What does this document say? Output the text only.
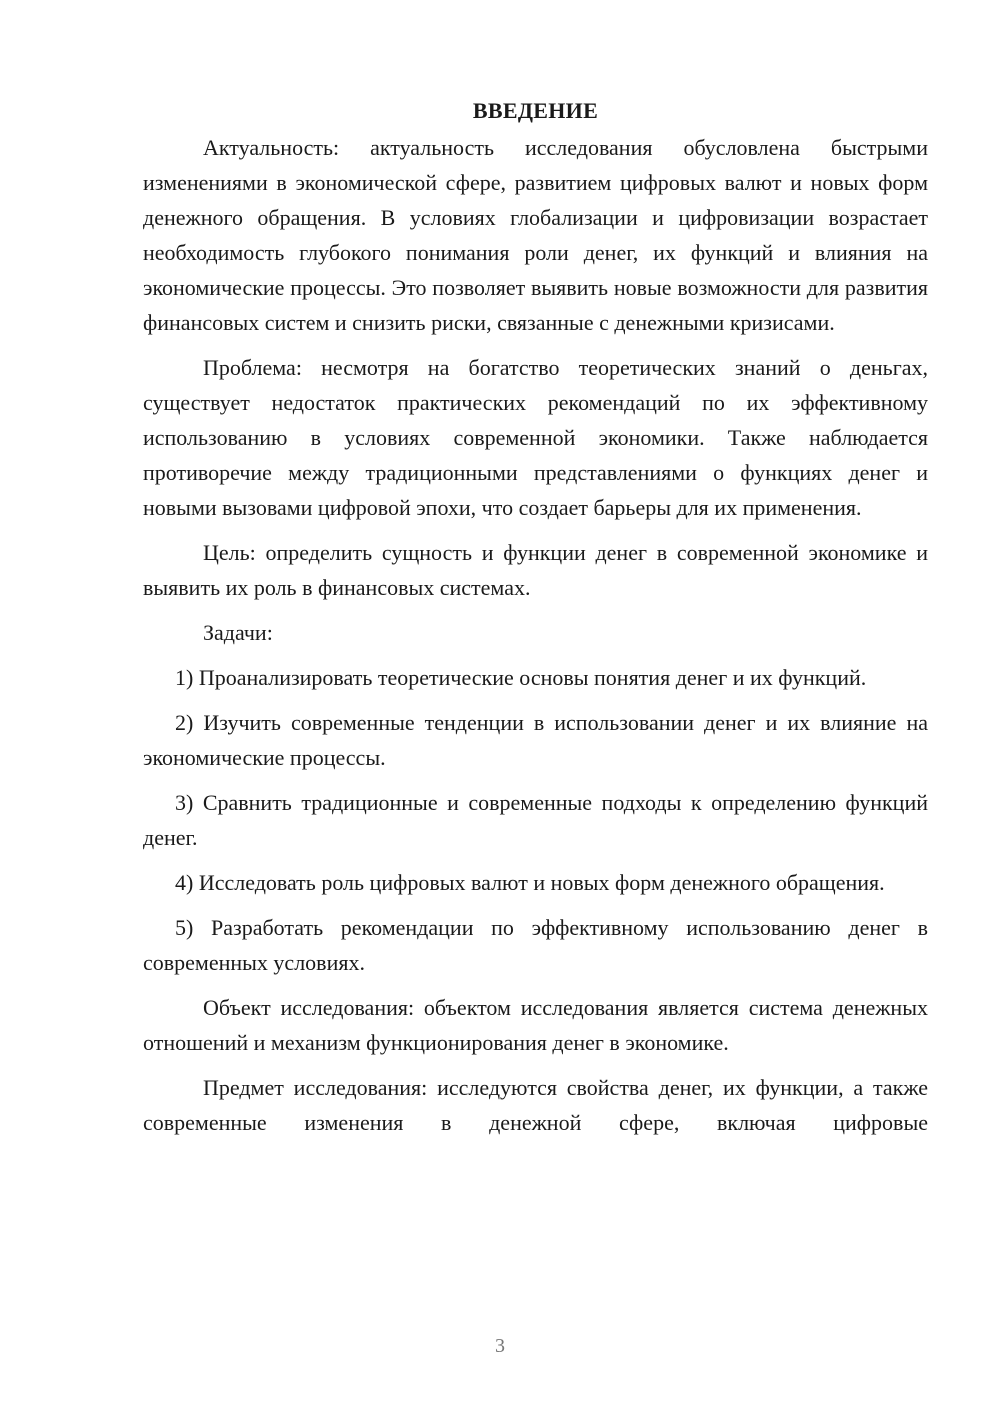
ВВЕДЕНИЕ

Актуальность: актуальность исследования обусловлена быстрыми изменениями в экономической сфере, развитием цифровых валют и новых форм денежного обращения. В условиях глобализации и цифровизации возрастает необходимость глубокого понимания роли денег, их функций и влияния на экономические процессы. Это позволяет выявить новые возможности для развития финансовых систем и снизить риски, связанные с денежными кризисами.

Проблема: несмотря на богатство теоретических знаний о деньгах, существует недостаток практических рекомендаций по их эффективному использованию в условиях современной экономики. Также наблюдается противоречие между традиционными представлениями о функциях денег и новыми вызовами цифровой эпохи, что создает барьеры для их применения.

Цель: определить сущность и функции денег в современной экономике и выявить их роль в финансовых системах.

Задачи:

1) Проанализировать теоретические основы понятия денег и их функций.

2) Изучить современные тенденции в использовании денег и их влияние на экономические процессы.

3) Сравнить традиционные и современные подходы к определению функций денег.

4) Исследовать роль цифровых валют и новых форм денежного обращения.

5) Разработать рекомендации по эффективному использованию денег в современных условиях.

Объект исследования: объектом исследования является система денежных отношений и механизм функционирования денег в экономике.

Предмет исследования: исследуются свойства денег, их функции, а также современные изменения в денежной сфере, включая цифровые

3
